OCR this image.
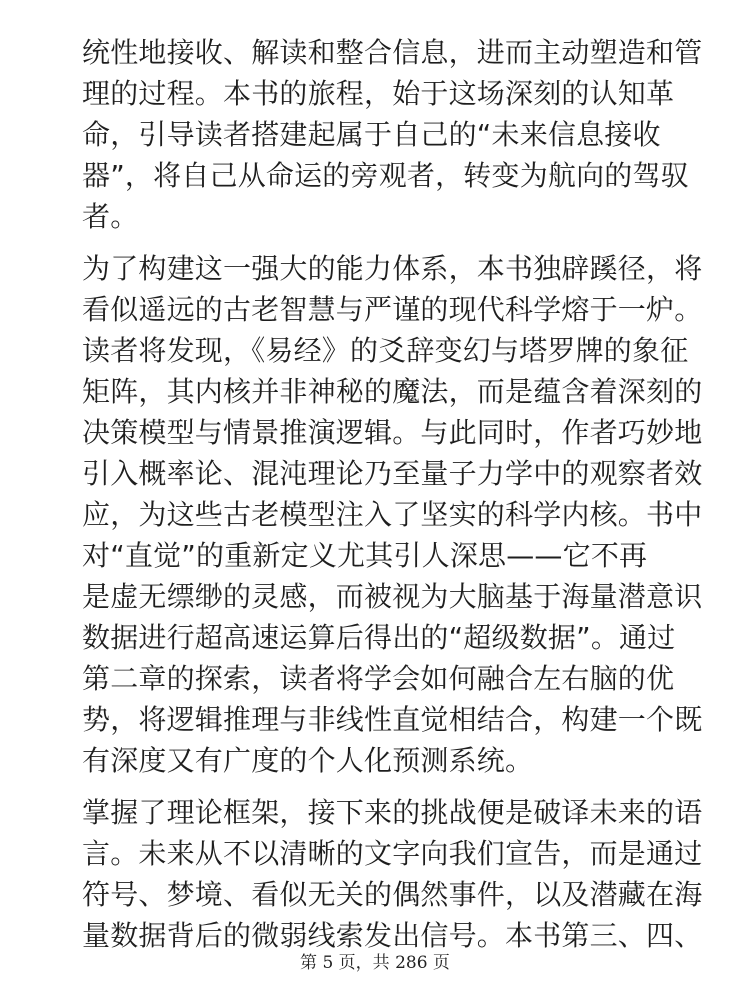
统性地接收、解读和整合信息，进而主动塑造和管
理的过程。本书的旅程，始于这场深刻的认知革
命，引导读者搭建起属于自己的“未来信息接收
器”，将自己从命运的旁观者，转变为航向的驾驭
者。
为了构建这一强大的能力体系，本书独辟蹊径，将
看似遥远的古老智慧与严谨的现代科学熔于一炉。
读者将发现，《易经》的爻辞变幻与塔罗牌的象征
矩阵，其内核并非神秘的魔法，而是蕴含着深刻的
决策模型与情景推演逻辑。与此同时，作者巧妙地
引入概率论、混沌理论乃至量子力学中的观察者效
应，为这些古老模型注入了坚实的科学内核。书中
对“直觉”的重新定义尤其引人深思——它不再
是虚无缥缈的灵感，而被视为大脑基于海量潜意识
数据进行超高速运算后得出的“超级数据”。通过
第二章的探索，读者将学会如何融合左右脑的优
势，将逻辑推理与非线性直觉相结合，构建一个既
有深度又有广度的个人化预测系统。
掌握了理论框架，接下来的挑战便是破译未来的语
言。未来从不以清晰的文字向我们宣告，而是通过
符号、梦境、看似无关的偶然事件，以及潜藏在海
量数据背后的微弱线索发出信号。本书第三、四、
第 5 页，共 286 页
